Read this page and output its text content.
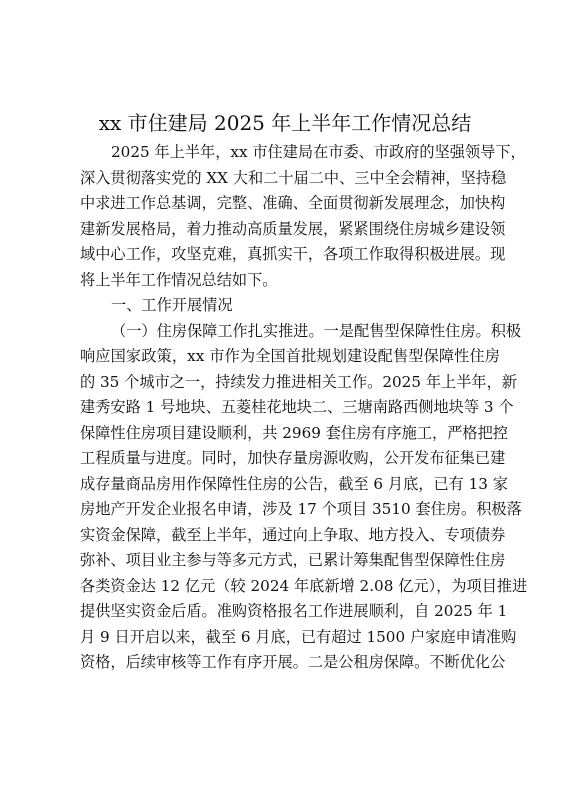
xx 市住建局 2025 年上半年工作情况总结
2025 年上半年，xx 市住建局在市委、市政府的坚强领导下，
深入贯彻落实党的 XX 大和二十届二中、三中全会精神，坚持稳
中求进工作总基调，完整、准确、全面贯彻新发展理念，加快构
建新发展格局，着力推动高质量发展，紧紧围绕住房城乡建设领
域中心工作，攻坚克难，真抓实干，各项工作取得积极进展。现
将上半年工作情况总结如下。
一、工作开展情况
（一）住房保障工作扎实推进。一是配售型保障性住房。积极
响应国家政策，xx 市作为全国首批规划建设配售型保障性住房
的 35 个城市之一，持续发力推进相关工作。2025 年上半年，新
建秀安路 1 号地块、五菱桂花地块二、三塘南路西侧地块等 3 个
保障性住房项目建设顺利，共 2969 套住房有序施工，严格把控
工程质量与进度。同时，加快存量房源收购，公开发布征集已建
成存量商品房用作保障性住房的公告，截至 6 月底，已有 13 家
房地产开发企业报名申请，涉及 17 个项目 3510 套住房。积极落
实资金保障，截至上半年，通过向上争取、地方投入、专项债券
弥补、项目业主参与等多元方式，已累计筹集配售型保障性住房
各类资金达 12 亿元（较 2024 年底新增 2.08 亿元），为项目推进
提供坚实资金后盾。准购资格报名工作进展顺利，自 2025 年 1
月 9 日开启以来，截至 6 月底，已有超过 1500 户家庭申请准购
资格，后续审核等工作有序开展。二是公租房保障。不断优化公
